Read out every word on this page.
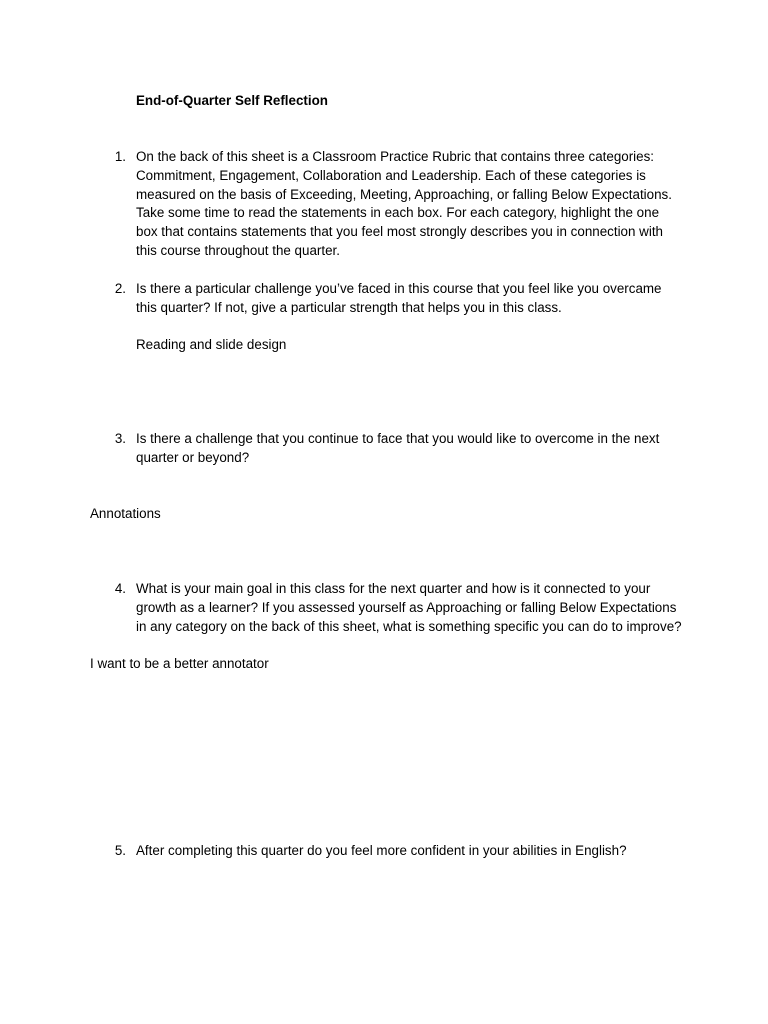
End-of-Quarter Self Reflection
1. On the back of this sheet is a Classroom Practice Rubric that contains three categories: Commitment, Engagement, Collaboration and Leadership. Each of these categories is measured on the basis of Exceeding, Meeting, Approaching, or falling Below Expectations. Take some time to read the statements in each box. For each category, highlight the one box that contains statements that you feel most strongly describes you in connection with this course throughout the quarter.

2. Is there a particular challenge you’ve faced in this course that you feel like you overcame this quarter? If not, give a particular strength that helps you in this class.

Reading and slide design
3. Is there a challenge that you continue to face that you would like to overcome in the next quarter or beyond?

Annotations
4. What is your main goal in this class for the next quarter and how is it connected to your growth as a learner? If you assessed yourself as Approaching or falling Below Expectations in any category on the back of this sheet, what is something specific you can do to improve?

I want to be a better annotator
5. After completing this quarter do you feel more confident in your abilities in English?
